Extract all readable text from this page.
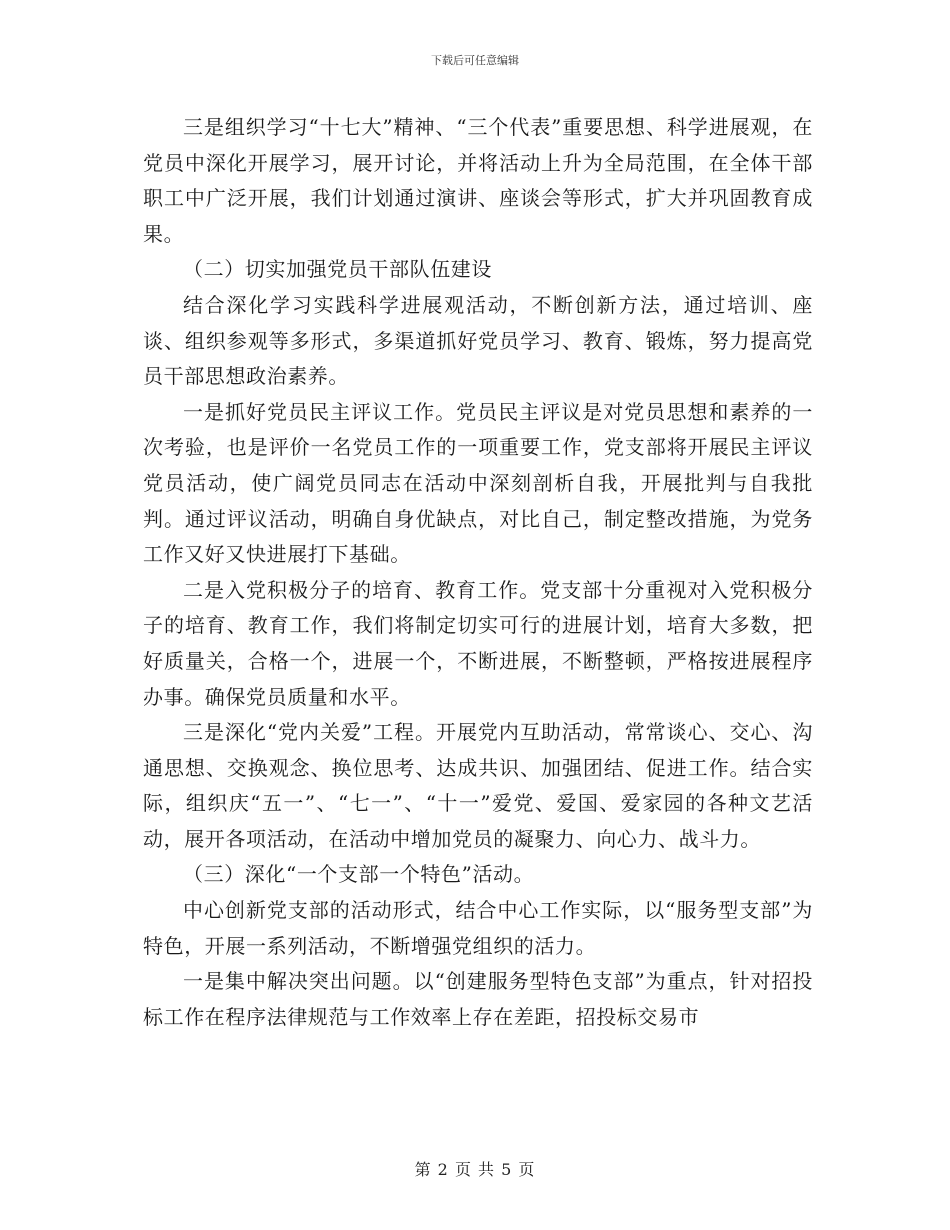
下载后可任意编辑

三是组织学习“十七大”精神、“三个代表”重要思想、科学进展观，在党员中深化开展学习，展开讨论，并将活动上升为全局范围，在全体干部职工中广泛开展，我们计划通过演讲、座谈会等形式，扩大并巩固教育成果。

（二）切实加强党员干部队伍建设

结合深化学习实践科学进展观活动，不断创新方法，通过培训、座谈、组织参观等多形式，多渠道抓好党员学习、教育、锻炼，努力提高党员干部思想政治素养。

一是抓好党员民主评议工作。党员民主评议是对党员思想和素养的一次考验，也是评价一名党员工作的一项重要工作，党支部将开展民主评议党员活动，使广阔党员同志在活动中深刻剖析自我，开展批判与自我批判。通过评议活动，明确自身优缺点，对比自己，制定整改措施，为党务工作又好又快进展打下基础。

二是入党积极分子的培育、教育工作。党支部十分重视对入党积极分子的培育、教育工作，我们将制定切实可行的进展计划，培育大多数，把好质量关，合格一个，进展一个，不断进展，不断整顿，严格按进展程序办事。确保党员质量和水平。

三是深化“党内关爱”工程。开展党内互助活动，常常谈心、交心、沟通思想、交换观念、换位思考、达成共识、加强团结、促进工作。结合实际，组织庆“五一”、“七一”、“十一”爱党、爱国、爱家园的各种文艺活动，展开各项活动，在活动中增加党员的凝聚力、向心力、战斗力。

（三）深化“一个支部一个特色”活动。

中心创新党支部的活动形式，结合中心工作实际，以“服务型支部”为特色，开展一系列活动，不断增强党组织的活力。

一是集中解决突出问题。以“创建服务型特色支部”为重点，针对招投标工作在程序法律规范与工作效率上存在差距，招投标交易市

第 2 页 共 5 页
